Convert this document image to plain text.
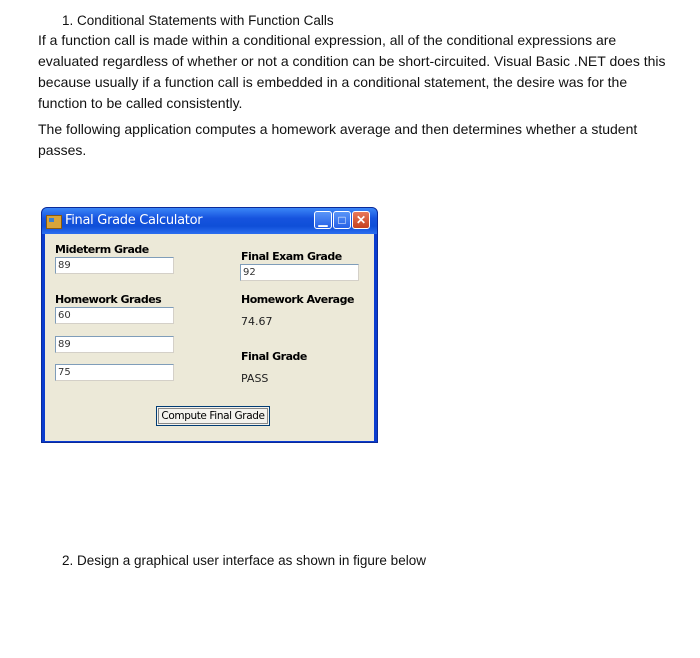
1. Conditional Statements with Function Calls
If a function call is made within a conditional expression, all of the conditional expressions are evaluated regardless of whether or not a condition can be short-circuited. Visual Basic .NET does this because usually if a function call is embedded in a conditional statement, the desire was for the function to be called consistently.
The following application computes a homework average and then determines whether a student passes.
Final Grade Calculator	▁ □ ✕
Mideterm Grade
89
Final Exam Grade
92
Homework Grades
60
89
75
Homework Average
74.67
Final Grade
PASS
Compute Final Grade
2. Design a graphical user interface as shown in figure below
